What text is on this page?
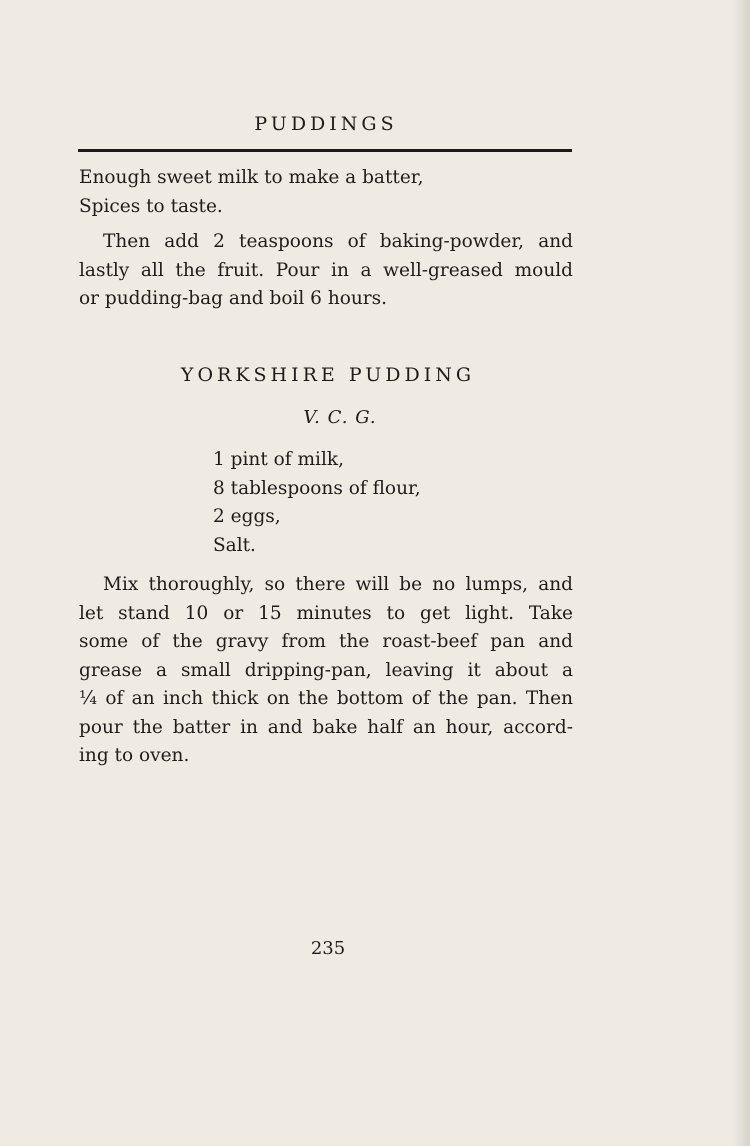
PUDDINGS
Enough sweet milk to make a batter,
Spices to taste.
Then add 2 teaspoons of baking-powder, and
lastly all the fruit. Pour in a well-greased mould
or pudding-bag and boil 6 hours.
YORKSHIRE PUDDING
V. C. G.
1 pint of milk,
8 tablespoons of flour,
2 eggs,
Salt.
Mix thoroughly, so there will be no lumps, and
let stand 10 or 15 minutes to get light. Take
some of the gravy from the roast-beef pan and
grease a small dripping-pan, leaving it about a
¼ of an inch thick on the bottom of the pan. Then
pour the batter in and bake half an hour, accord-
ing to oven.
235
